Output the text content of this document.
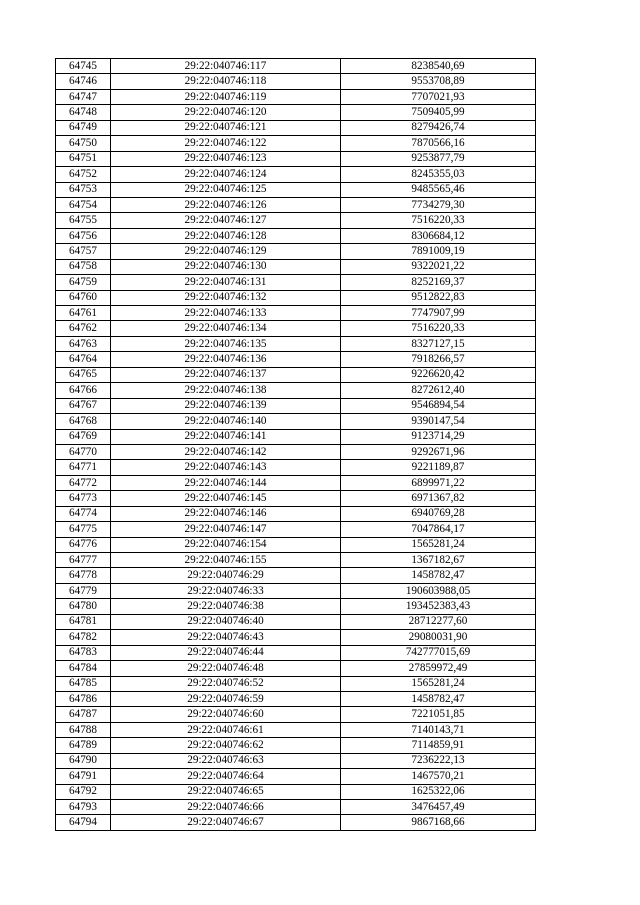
64745	29:22:040746:117	8238540,69
64746	29:22:040746:118	9553708,89
64747	29:22:040746:119	7707021,93
64748	29:22:040746:120	7509405,99
64749	29:22:040746:121	8279426,74
64750	29:22:040746:122	7870566,16
64751	29:22:040746:123	9253877,79
64752	29:22:040746:124	8245355,03
64753	29:22:040746:125	9485565,46
64754	29:22:040746:126	7734279,30
64755	29:22:040746:127	7516220,33
64756	29:22:040746:128	8306684,12
64757	29:22:040746:129	7891009,19
64758	29:22:040746:130	9322021,22
64759	29:22:040746:131	8252169,37
64760	29:22:040746:132	9512822,83
64761	29:22:040746:133	7747907,99
64762	29:22:040746:134	7516220,33
64763	29:22:040746:135	8327127,15
64764	29:22:040746:136	7918266,57
64765	29:22:040746:137	9226620,42
64766	29:22:040746:138	8272612,40
64767	29:22:040746:139	9546894,54
64768	29:22:040746:140	9390147,54
64769	29:22:040746:141	9123714,29
64770	29:22:040746:142	9292671,96
64771	29:22:040746:143	9221189,87
64772	29:22:040746:144	6899971,22
64773	29:22:040746:145	6971367,82
64774	29:22:040746:146	6940769,28
64775	29:22:040746:147	7047864,17
64776	29:22:040746:154	1565281,24
64777	29:22:040746:155	1367182,67
64778	29:22:040746:29	1458782,47
64779	29:22:040746:33	190603988,05
64780	29:22:040746:38	193452383,43
64781	29:22:040746:40	28712277,60
64782	29:22:040746:43	29080031,90
64783	29:22:040746:44	742777015,69
64784	29:22:040746:48	27859972,49
64785	29:22:040746:52	1565281,24
64786	29:22:040746:59	1458782,47
64787	29:22:040746:60	7221051,85
64788	29:22:040746:61	7140143,71
64789	29:22:040746:62	7114859,91
64790	29:22:040746:63	7236222,13
64791	29:22:040746:64	1467570,21
64792	29:22:040746:65	1625322,06
64793	29:22:040746:66	3476457,49
64794	29:22:040746:67	9867168,66
